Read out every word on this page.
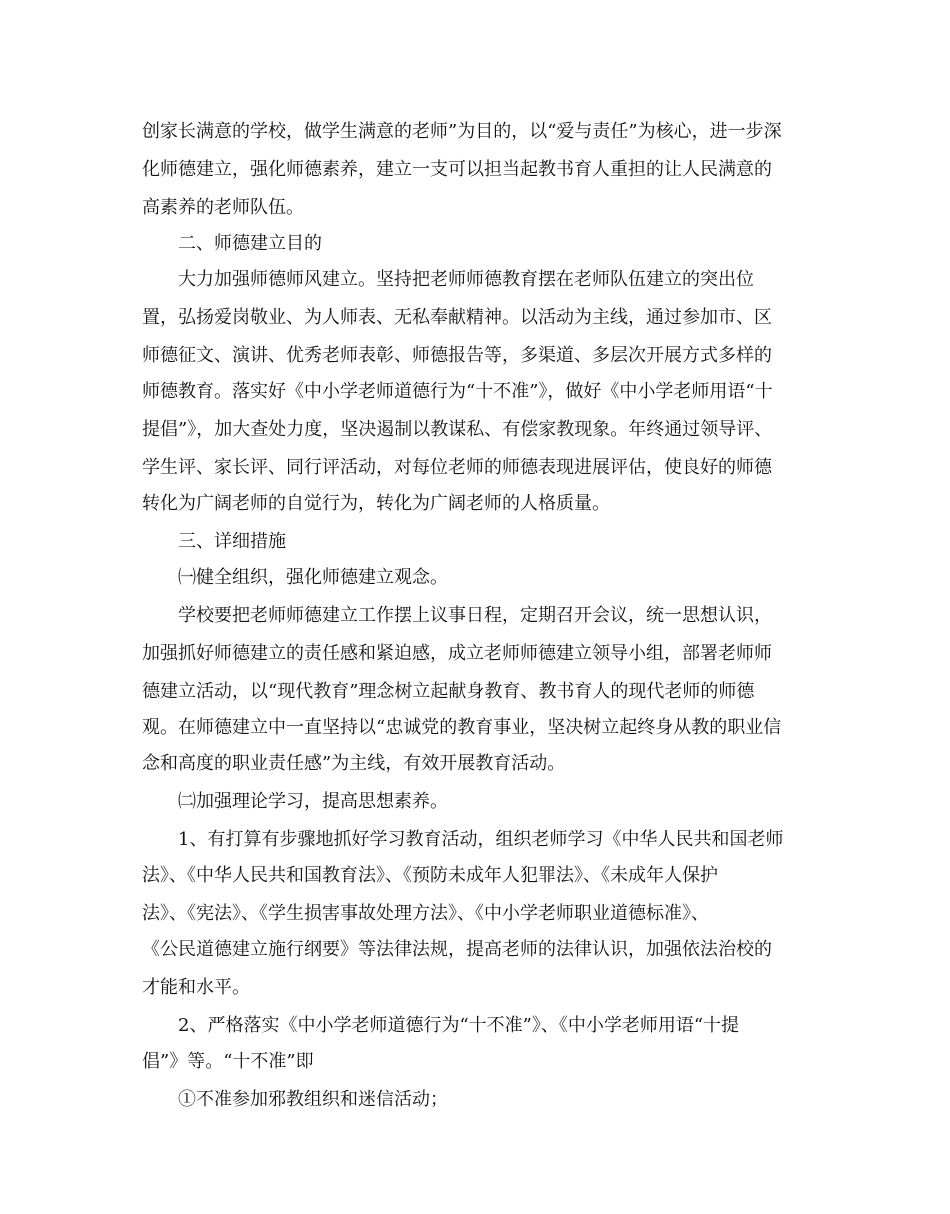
创家长满意的学校，做学生满意的老师”为目的，以“爱与责任”为核心，进一步深
化师德建立，强化师德素养，建立一支可以担当起教书育人重担的让人民满意的
高素养的老师队伍。
二、师德建立目的
大力加强师德师风建立。坚持把老师师德教育摆在老师队伍建立的突出位
置，弘扬爱岗敬业、为人师表、无私奉献精神。以活动为主线，通过参加市、区
师德征文、演讲、优秀老师表彰、师德报告等，多渠道、多层次开展方式多样的
师德教育。落实好《中小学老师道德行为“十不准”》，做好《中小学老师用语“十
提倡”》，加大查处力度，坚决遏制以教谋私、有偿家教现象。年终通过领导评、
学生评、家长评、同行评活动，对每位老师的师德表现进展评估，使良好的师德
转化为广阔老师的自觉行为，转化为广阔老师的人格质量。
三、详细措施
㈠健全组织，强化师德建立观念。
学校要把老师师德建立工作摆上议事日程，定期召开会议，统一思想认识，
加强抓好师德建立的责任感和紧迫感，成立老师师德建立领导小组，部署老师师
德建立活动，以“现代教育”理念树立起献身教育、教书育人的现代老师的师德
观。在师德建立中一直坚持以“忠诚党的教育事业，坚决树立起终身从教的职业信
念和高度的职业责任感”为主线，有效开展教育活动。
㈡加强理论学习，提高思想素养。
1、有打算有步骤地抓好学习教育活动，组织老师学习《中华人民共和国老师
法》、《中华人民共和国教育法》、《预防未成年人犯罪法》、《未成年人保护
法》、《宪法》、《学生损害事故处理方法》、《中小学老师职业道德标准》、
《公民道德建立施行纲要》等法律法规，提高老师的法律认识，加强依法治校的
才能和水平。
2、严格落实《中小学老师道德行为“十不准”》、《中小学老师用语“十提
倡”》等。“十不准”即
①不准参加邪教组织和迷信活动；
